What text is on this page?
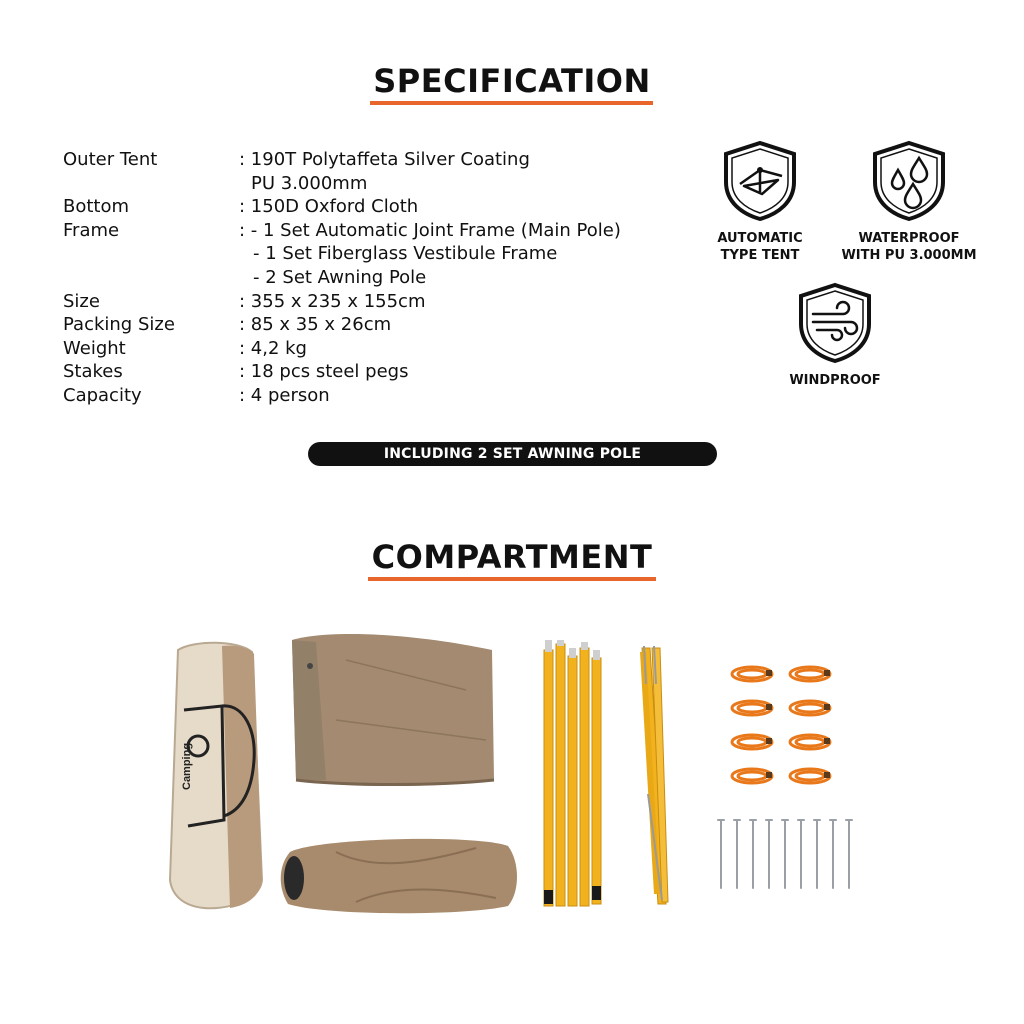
SPECIFICATION
Outer Tent	: 190T Polytaffeta Silver Coating
PU 3.000mm
Bottom	: 150D Oxford Cloth
Frame	: - 1 Set Automatic Joint Frame (Main Pole)
- 1 Set Fiberglass Vestibule Frame
- 2 Set Awning Pole
Size	: 355 x 235 x 155cm
Packing Size	: 85 x 35 x 26cm
Weight	: 4,2 kg
Stakes	: 18 pcs steel pegs
Capacity	: 4 person
AUTOMATIC
TYPE TENT
WATERPROOF
WITH PU 3.000MM
WINDPROOF
INCLUDING 2 SET AWNING POLE
COMPARTMENT
Camping
